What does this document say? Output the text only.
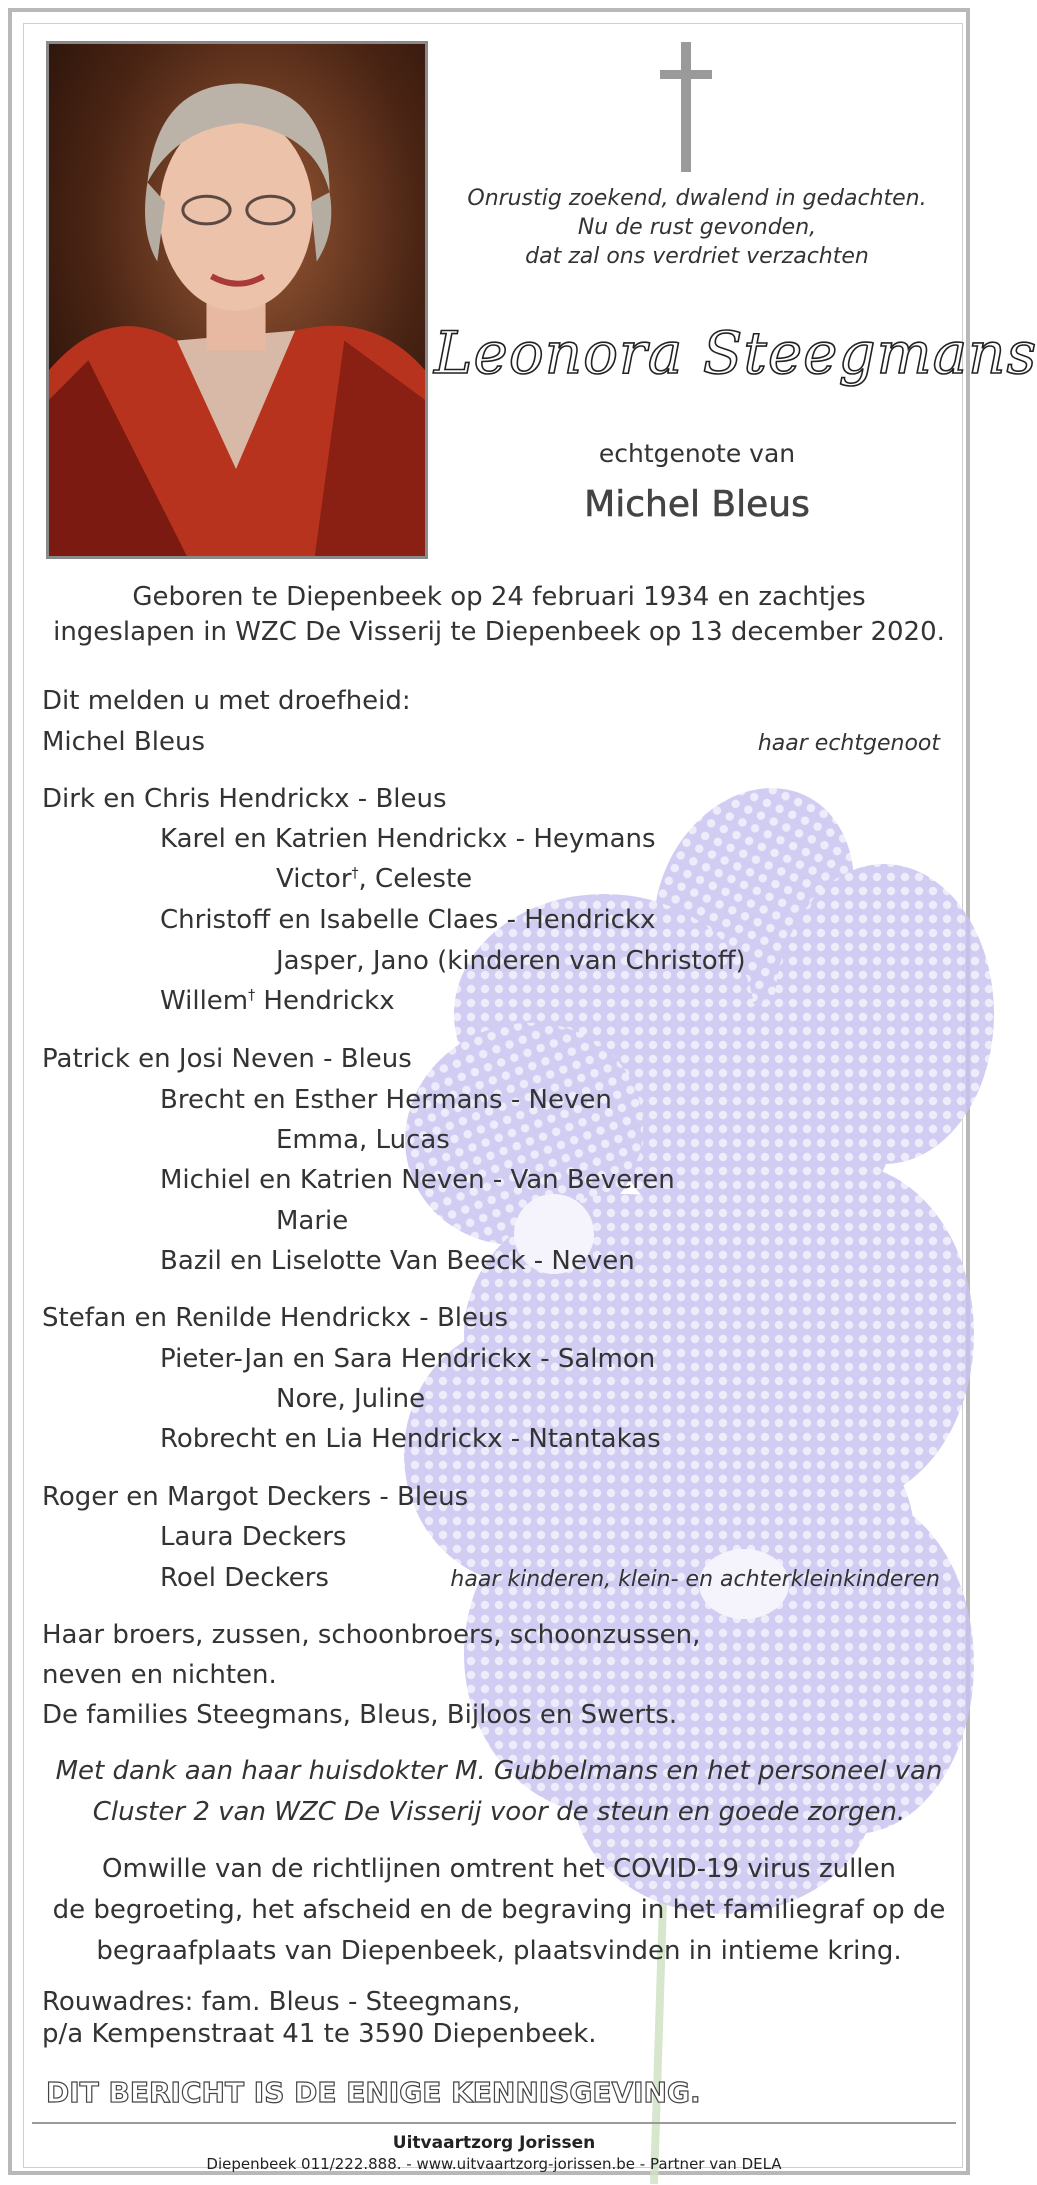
Onrustig zoekend, dwalend in gedachten.
Nu de rust gevonden,
dat zal ons verdriet verzachten
Leonora Steegmans
echtgenote van
Michel Bleus
Geboren te Diepenbeek op 24 februari 1934 en zachtjes
ingeslapen in WZC De Visserij te Diepenbeek op 13 december 2020.
Dit melden u met droefheid:
Michel Bleus	haar echtgenoot
Dirk en Chris Hendrickx - Bleus
Karel en Katrien Hendrickx - Heymans
Victor†, Celeste
Christoff en Isabelle Claes - Hendrickx
Jasper, Jano (kinderen van Christoff)
Willem† Hendrickx
Patrick en Josi Neven - Bleus
Brecht en Esther Hermans - Neven
Emma, Lucas
Michiel en Katrien Neven - Van Beveren
Marie
Bazil en Liselotte Van Beeck - Neven
Stefan en Renilde Hendrickx - Bleus
Pieter-Jan en Sara Hendrickx - Salmon
Nore, Juline
Robrecht en Lia Hendrickx - Ntantakas
Roger en Margot Deckers - Bleus
Laura Deckers
Roel Deckers	haar kinderen, klein- en achterkleinkinderen
Haar broers, zussen, schoonbroers, schoonzussen,
neven en nichten.
De families Steegmans, Bleus, Bijloos en Swerts.
Met dank aan haar huisdokter M. Gubbelmans en het personeel van
Cluster 2 van WZC De Visserij voor de steun en goede zorgen.
Omwille van de richtlijnen omtrent het COVID-19 virus zullen
de begroeting, het afscheid en de begraving in het familiegraf op de
begraafplaats van Diepenbeek, plaatsvinden in intieme kring.
Rouwadres: fam. Bleus - Steegmans,
p/a Kempenstraat 41 te 3590 Diepenbeek.
DIT BERICHT IS DE ENIGE KENNISGEVING.
Uitvaartzorg Jorissen
Diepenbeek 011/222.888. - www.uitvaartzorg-jorissen.be - Partner van DELA
